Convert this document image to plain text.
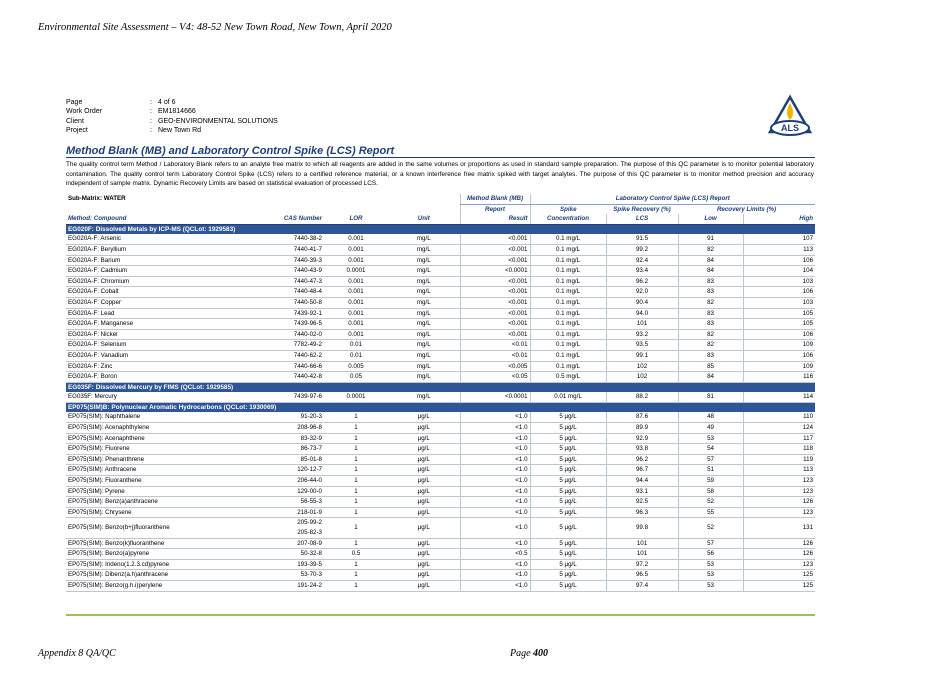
Environmental Site Assessment – V4: 48-52 New Town Road, New Town, April 2020
Page	: 4 of 6
Work Order	: EM1814666
Client	: GEO-ENVIRONMENTAL SOLUTIONS
Project	: New Town Rd	ALS
Method Blank (MB) and Laboratory Control Spike (LCS) Report
The quality control term Method / Laboratory Blank refers to an analyte free matrix to which all reagents are added in the same volumes or proportions as used in standard sample preparation. The purpose of this QC parameter is to monitor potential laboratory contamination. The quality control term Laboratory Control Spike (LCS) refers to a certified reference material, or a known interference free matrix spiked with target analytes. The purpose of this QC parameter is to monitor method precision and accuracy independent of sample matrix. Dynamic Recovery Limits are based on statistical evaluation of processed LCS.
Sub-Matrix: WATER				Method Blank (MB)	Laboratory Control Spike (LCS) Report			
				Report	Spike	Spike Recovery (%)	Recovery Limits (%)	
Method: Compound	CAS Number	LOR	Unit	Result	Concentration	LCS	Low	High
EG020F: Dissolved Metals by ICP-MS (QCLot: 1929583)								
EG020A-F: Arsenic	7440-38-2	0.001	mg/L	<0.001	0.1 mg/L	91.5	91	107
EG020A-F: Beryllium	7440-41-7	0.001	mg/L	<0.001	0.1 mg/L	99.2	82	113
EG020A-F: Barium	7440-39-3	0.001	mg/L	<0.001	0.1 mg/L	92.4	84	106
EG020A-F: Cadmium	7440-43-9	0.0001	mg/L	<0.0001	0.1 mg/L	93.4	84	104
EG020A-F: Chromium	7440-47-3	0.001	mg/L	<0.001	0.1 mg/L	96.2	83	103
EG020A-F: Cobalt	7440-48-4	0.001	mg/L	<0.001	0.1 mg/L	92.0	83	106
EG020A-F: Copper	7440-50-8	0.001	mg/L	<0.001	0.1 mg/L	90.4	82	103
EG020A-F: Lead	7439-92-1	0.001	mg/L	<0.001	0.1 mg/L	94.0	83	105
EG020A-F: Manganese	7439-96-5	0.001	mg/L	<0.001	0.1 mg/L	101	83	105
EG020A-F: Nickel	7440-02-0	0.001	mg/L	<0.001	0.1 mg/L	93.2	82	106
EG020A-F: Selenium	7782-49-2	0.01	mg/L	<0.01	0.1 mg/L	93.5	82	109
EG020A-F: Vanadium	7440-62-2	0.01	mg/L	<0.01	0.1 mg/L	99.1	83	106
EG020A-F: Zinc	7440-66-6	0.005	mg/L	<0.005	0.1 mg/L	102	85	109
EG020A-F: Boron	7440-42-8	0.05	mg/L	<0.05	0.5 mg/L	102	84	116
EG035F: Dissolved Mercury by FIMS (QCLot: 1929585)								
EG035F: Mercury	7439-97-6	0.0001	mg/L	<0.0001	0.01 mg/L	88.2	81	114
EP075(SIM)B: Polynuclear Aromatic Hydrocarbons (QCLot: 1930069)								
EP075(SIM): Naphthalene	91-20-3	1	µg/L	<1.0	5 µg/L	87.6	48	110
EP075(SIM): Acenaphthylene	208-96-8	1	µg/L	<1.0	5 µg/L	89.9	49	124
EP075(SIM): Acenaphthene	83-32-9	1	µg/L	<1.0	5 µg/L	92.9	53	117
EP075(SIM): Fluorene	86-73-7	1	µg/L	<1.0	5 µg/L	93.8	54	118
EP075(SIM): Phenanthrene	85-01-8	1	µg/L	<1.0	5 µg/L	96.2	57	119
EP075(SIM): Anthracene	120-12-7	1	µg/L	<1.0	5 µg/L	96.7	51	113
EP075(SIM): Fluoranthene	206-44-0	1	µg/L	<1.0	5 µg/L	94.4	59	123
EP075(SIM): Pyrene	129-00-0	1	µg/L	<1.0	5 µg/L	93.1	58	123
EP075(SIM): Benz(a)anthracene	56-55-3	1	µg/L	<1.0	5 µg/L	92.5	52	126
EP075(SIM): Chrysene	218-01-9	1	µg/L	<1.0	5 µg/L	96.3	55	123
EP075(SIM): Benzo(b+j)fluoranthene	205-99-2
205-82-3	1	µg/L	<1.0	5 µg/L	99.8	52	131
EP075(SIM): Benzo(k)fluoranthene	207-08-9	1	µg/L	<1.0	5 µg/L	101	57	126
EP075(SIM): Benzo(a)pyrene	50-32-8	0.5	µg/L	<0.5	5 µg/L	101	56	126
EP075(SIM): Indeno(1.2.3.cd)pyrene	193-39-5	1	µg/L	<1.0	5 µg/L	97.2	53	123
EP075(SIM): Dibenz(a.h)anthracene	53-70-3	1	µg/L	<1.0	5 µg/L	96.5	53	125
EP075(SIM): Benzo(g.h.i)perylene	191-24-2	1	µg/L	<1.0	5 µg/L	97.4	53	125
Appendix 8 QA/QC	Page 400
